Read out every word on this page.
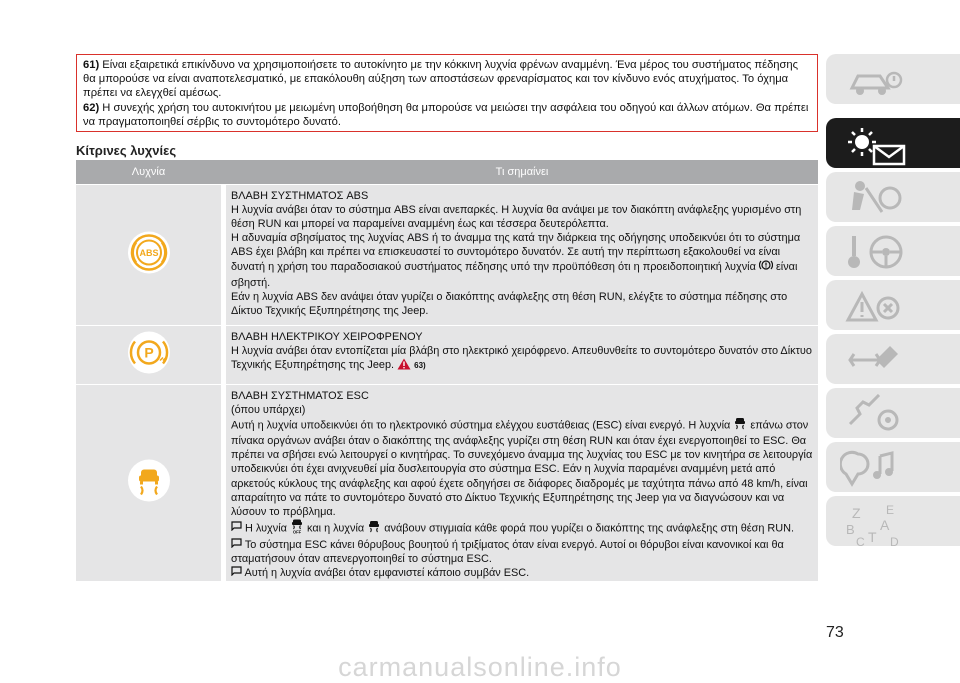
61) Είναι εξαιρετικά επικίνδυνο να χρησιμοποιήσετε το αυτοκίνητο με την κόκκινη λυχνία φρένων αναμμένη. Ένα μέρος του συστήματος πέδησης θα μπορούσε να είναι αναποτελεσματικό, με επακόλουθη αύξηση των αποστάσεων φρεναρίσματος και τον κίνδυνο ενός ατυχήματος. Το όχημα πρέπει να ελεγχθεί αμέσως.

62) Η συνεχής χρήση του αυτοκινήτου με μειωμένη υποβοήθηση θα μπορούσε να μειώσει την ασφάλεια του οδηγού και άλλων ατόμων. Θα πρέπει να πραγματοποιηθεί σέρβις το συντομότερο δυνατό.

Κίτρινες λυχνίες
Λυχνία	Τι σημαίνει
ABS

ΒΛΑΒΗ ΣΥΣΤΗΜΑΤΟΣ ABS

Η λυχνία ανάβει όταν το σύστημα ABS είναι ανεπαρκές. Η λυχνία θα ανάψει με τον διακόπτη ανάφλεξης γυρισμένο στη θέση RUN και μπορεί να παραμείνει αναμμένη έως και τέσσερα δευτερόλεπτα.

Η αδυναμία σβησίματος της λυχνίας ABS ή το άναμμα της κατά την διάρκεια της οδήγησης υποδεικνύει ότι το σύστημα ABS έχει βλάβη και πρέπει να επισκευαστεί το συντομότερο δυνατόν. Σε αυτή την περίπτωση εξακολουθεί να είναι δυνατή η χρήση του παραδοσιακού συστήματος πέδησης υπό την προϋπόθεση ότι η προειδοποιητική λυχνία είναι σβηστή.

Εάν η λυχνία ABS δεν ανάψει όταν γυρίζει ο διακόπτης ανάφλεξης στη θέση RUN, ελέγξτε το σύστημα πέδησης στο Δίκτυο Τεχνικής Εξυπηρέτησης της Jeep.

P

ΒΛΑΒΗ ΗΛΕΚΤΡΙΚΟΥ ΧΕΙΡΟΦΡΕΝΟΥ

Η λυχνία ανάβει όταν εντοπίζεται μία βλάβη στο ηλεκτρικό χειρόφρενο. Απευθυνθείτε το συντομότερο δυνατόν στο Δίκτυο Τεχνικής Εξυπηρέτησης της Jeep.	63)

ΒΛΑΒΗ ΣΥΣΤΗΜΑΤΟΣ ESC

(όπου υπάρχει)

Αυτή η λυχνία υποδεικνύει ότι το ηλεκτρονικό σύστημα ελέγχου ευστάθειας (ESC) είναι ενεργό. Η λυχνία επάνω στον πίνακα οργάνων ανάβει όταν ο διακόπτης της ανάφλεξης γυρίζει στη θέση RUN και όταν έχει ενεργοποιηθεί το ESC. Θα πρέπει να σβήσει ενώ λειτουργεί ο κινητήρας. Το συνεχόμενο άναμμα της λυχνίας του ESC με τον κινητήρα σε λειτουργία υποδεικνύει ότι έχει ανιχνευθεί μία δυσλειτουργία στο σύστημα ESC. Εάν η λυχνία παραμένει αναμμένη μετά από αρκετούς κύκλους της ανάφλεξης και αφού έχετε οδηγήσει σε διάφορες διαδρομές με ταχύτητα πάνω από 48 km/h, είναι απαραίτητο να πάτε το συντομότερο δυνατό στο Δίκτυο Τεχνικής Εξυπηρέτησης της Jeep για να διαγνώσουν και να λύσουν το πρόβλημα.

Η λυχνία OFF και η λυχνία ανάβουν στιγμιαία κάθε φορά που γυρίζει ο διακόπτης της ανάφλεξης στη θέση RUN.

Το σύστημα ESC κάνει θόρυβους βουητού ή τριξίματος όταν είναι ενεργό. Αυτοί οι θόρυβοι είναι κανονικοί και θα σταματήσουν όταν απενεργοποιηθεί το σύστημα ESC.

Αυτή η λυχνία ανάβει όταν εμφανιστεί κάποιο συμβάν ESC.

Z E
B A
C T D
73
carmanualsonline.info
